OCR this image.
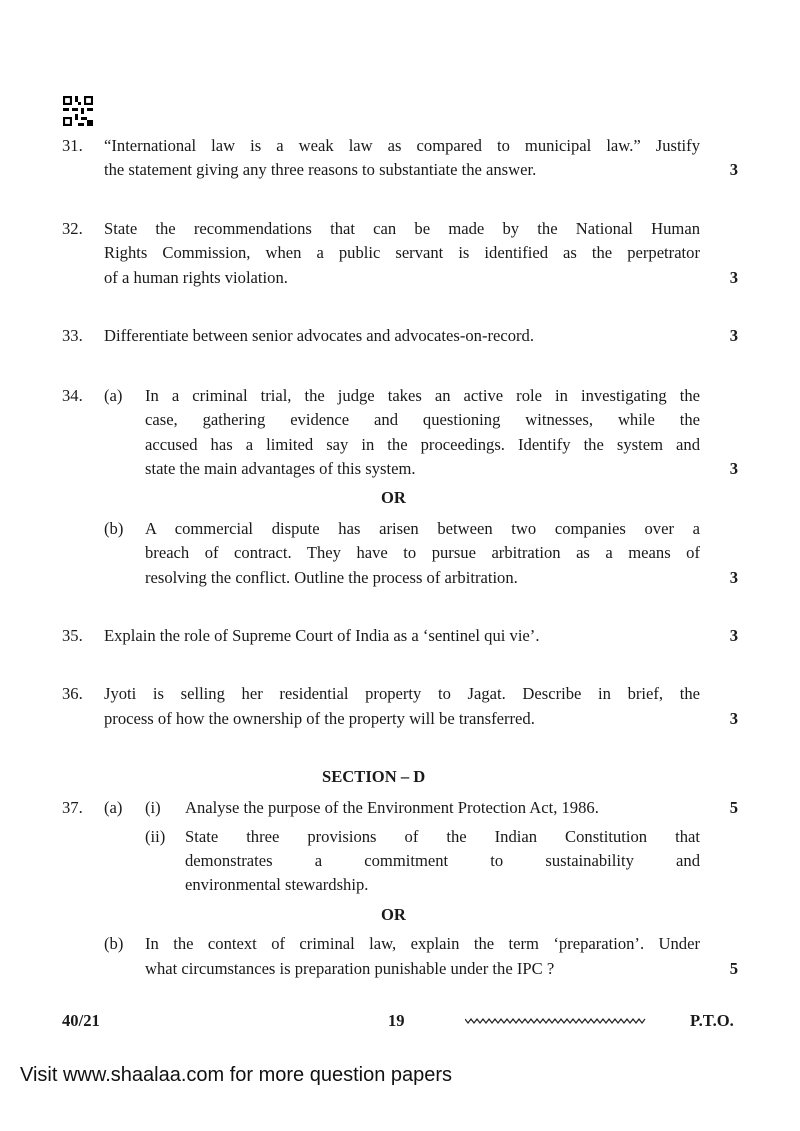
31. “International law is a weak law as compared to municipal law.” Justify
the statement giving any three reasons to substantiate the answer.	3
32. State the recommendations that can be made by the National Human
Rights Commission, when a public servant is identified as the perpetrator
of a human rights violation.	3
33. Differentiate between senior advocates and advocates-on-record.	3
34. (a) In a criminal trial, the judge takes an active role in investigating the
case, gathering evidence and questioning witnesses, while the
accused has a limited say in the proceedings. Identify the system and
state the main advantages of this system.	3
OR
(b) A commercial dispute has arisen between two companies over a
breach of contract. They have to pursue arbitration as a means of
resolving the conflict. Outline the process of arbitration.	3
35. Explain the role of Supreme Court of India as a ‘sentinel qui vie’.	3
36. Jyoti is selling her residential property to Jagat. Describe in brief, the
process of how the ownership of the property will be transferred.	3
SECTION – D
37. (a) (i) Analyse the purpose of the Environment Protection Act, 1986.	5
(ii) State three provisions of the Indian Constitution that
demonstrates a commitment to sustainability and
environmental stewardship.
OR
(b) In the context of criminal law, explain the term ‘preparation’. Under
what circumstances is preparation punishable under the IPC ?	5
40/21	19	P.T.O.
Visit www.shaalaa.com for more question papers
